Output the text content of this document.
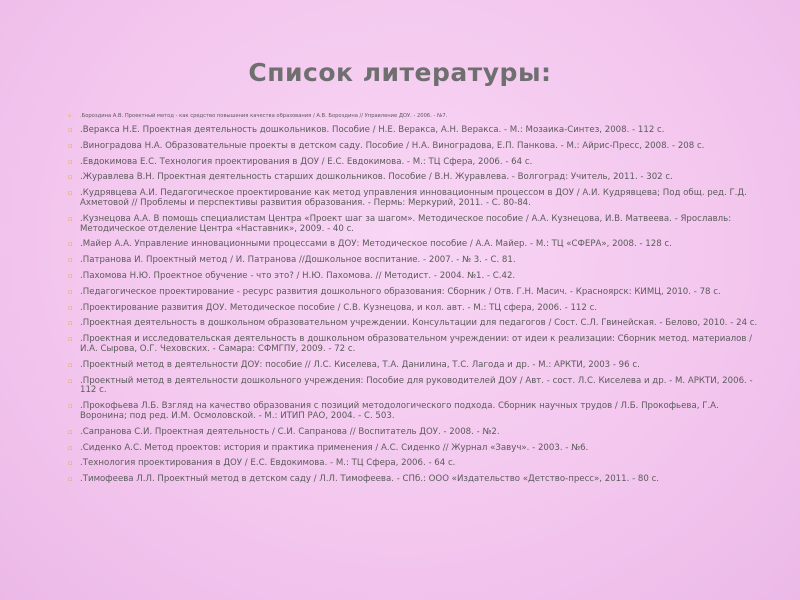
Список литературы:
▫ .Бороздина А.В. Проектный метод - как средство повышения качества образования / А.В. Бороздина // Управление ДОУ. - 2006. - №7.
▫ .Веракса Н.Е. Проектная деятельность дошкольников. Пособие / Н.Е. Веракса, А.Н. Веракса. - М.: Мозаика-Синтез, 2008. - 112 с.
▫ .Виноградова Н.А. Образовательные проекты в детском саду. Пособие / Н.А. Виноградова, Е.П. Панкова. - М.: Айрис-Пресс, 2008. - 208 с.
▫ .Евдокимова Е.С. Технология проектирования в ДОУ / Е.С. Евдокимова. - М.: ТЦ Сфера, 2006. - 64 с.
▫ .Журавлева В.Н. Проектная деятельность старших дошкольников. Пособие / В.Н. Журавлева. - Волгоград: Учитель, 2011. - 302 с.
▫ .Кудрявцева А.И. Педагогическое проектирование как метод управления инновационным процессом в ДОУ / А.И. Кудрявцева; Под общ. ред. Г.Д. Ахметовой // Проблемы и перспективы развития образования. - Пермь: Меркурий, 2011. - С. 80-84.
▫ .Кузнецова А.А. В помощь специалистам Центра «Проект шаг за шагом». Методическое пособие / А.А. Кузнецова, И.В. Матвеева. - Ярославль: Методическое отделение Центра «Наставник», 2009. - 40 с.
▫ .Майер А.А. Управление инновационными процессами в ДОУ: Методическое пособие / А.А. Майер. - М.: ТЦ «СФЕРА», 2008. - 128 с.
▫ .Патранова И. Проектный метод / И. Патранова //Дошкольное воспитание. - 2007. - № 3. - С. 81.
▫ .Пахомова Н.Ю. Проектное обучение - что это? / Н.Ю. Пахомова. // Методист. - 2004. №1. - С.42.
▫ .Педагогическое проектирование - ресурс развития дошкольного образования: Сборник / Отв. Г.Н. Масич. - Красноярск: КИМЦ, 2010. - 78 с.
▫ .Проектирование развития ДОУ. Методическое пособие / С.В. Кузнецова, и кол. авт. - М.: ТЦ сфера, 2006. - 112 с.
▫ .Проектная деятельность в дошкольном образовательном учреждении. Консультации для педагогов / Сост. С.Л. Гвинейская. - Белово, 2010. - 24 с.
▫ .Проектная и исследовательская деятельность в дошкольном образовательном учреждении: от идеи к реализации: Сборник метод. материалов / И.А. Сырова, О.Г. Чеховских. - Самара: СФМГПУ, 2009. - 72 с.
▫ .Проектный метод в деятельности ДОУ: пособие // Л.С. Киселева, Т.А. Данилина, Т.С. Лагода и др. - М.: АРКТИ, 2003 - 96 с.
▫ .Проектный метод в деятельности дошкольного учреждения: Пособие для руководителей ДОУ / Авт. - сост. Л.С. Киселева и др. - М. АРКТИ, 2006. - 112 с.
▫ .Прокофьева Л.Б. Взгляд на качество образования с позиций методологического подхода. Сборник научных трудов / Л.Б. Прокофьева, Г.А. Воронина; под ред. И.М. Осмоловской. - М.: ИТИП РАО, 2004. - С. 503.
▫ .Сапранова С.И. Проектная деятельность / С.И. Сапранова // Воспитатель ДОУ. - 2008. - №2.
▫ .Сиденко А.С. Метод проектов: история и практика применения / А.С. Сиденко // Журнал «Завуч». - 2003. - №6.
▫ .Технология проектирования в ДОУ / Е.С. Евдокимова. - М.: ТЦ Сфера, 2006. - 64 с.
▫ .Тимофеева Л.Л. Проектный метод в детском саду / Л.Л. Тимофеева. - СПб.: ООО «Издательство «Детство-пресс», 2011. - 80 с.
